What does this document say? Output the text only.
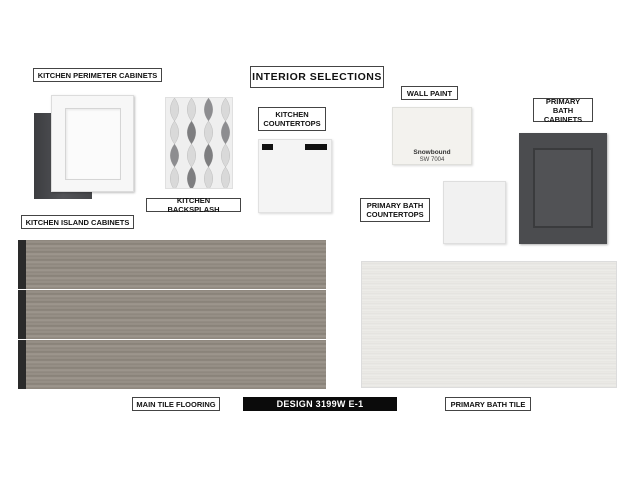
INTERIOR SELECTIONS
KITCHEN PERIMETER CABINETS
KITCHEN ISLAND CABINETS
KITCHEN BACKSPLASH
KITCHEN COUNTERTOPS
WALL PAINT
Snowbound
SW 7004
PRIMARY BATH CABINETS
PRIMARY BATH COUNTERTOPS
MAIN TILE FLOORING	DESIGN 3199W E-1	PRIMARY BATH TILE
